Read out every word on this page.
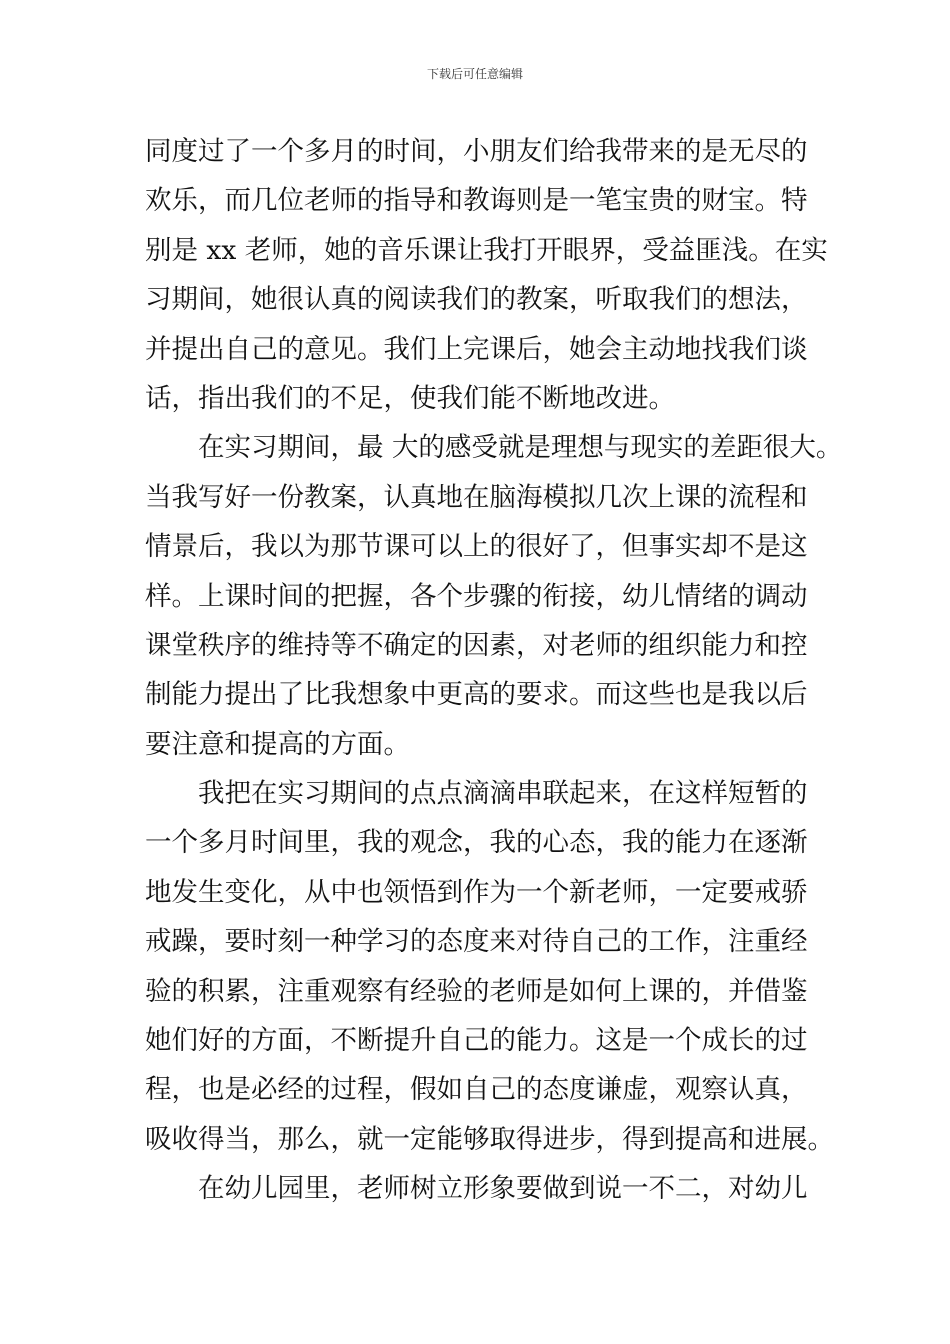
下载后可任意编辑
同度过了一个多月的时间，小朋友们给我带来的是无尽的
欢乐，而几位老师的指导和教诲则是一笔宝贵的财宝。特
别是 xx 老师，她的音乐课让我打开眼界，受益匪浅。在实
习期间，她很认真的阅读我们的教案，听取我们的想法，
并提出自己的意见。我们上完课后，她会主动地找我们谈
话，指出我们的不足，使我们能不断地改进。
在实习期间，最 大的感受就是理想与现实的差距很大。
当我写好一份教案，认真地在脑海模拟几次上课的流程和
情景后，我以为那节课可以上的很好了，但事实却不是这
样。上课时间的把握，各个步骤的衔接，幼儿情绪的调动
课堂秩序的维持等不确定的因素，对老师的组织能力和控
制能力提出了比我想象中更高的要求。而这些也是我以后
要注意和提高的方面。
我把在实习期间的点点滴滴串联起来，在这样短暂的
一个多月时间里，我的观念，我的心态，我的能力在逐渐
地发生变化，从中也领悟到作为一个新老师，一定要戒骄
戒躁，要时刻一种学习的态度来对待自己的工作，注重经
验的积累，注重观察有经验的老师是如何上课的，并借鉴
她们好的方面，不断提升自己的能力。这是一个成长的过
程，也是必经的过程，假如自己的态度谦虚，观察认真，
吸收得当，那么，就一定能够取得进步，得到提高和进展。
在幼儿园里，老师树立形象要做到说一不二，对幼儿
